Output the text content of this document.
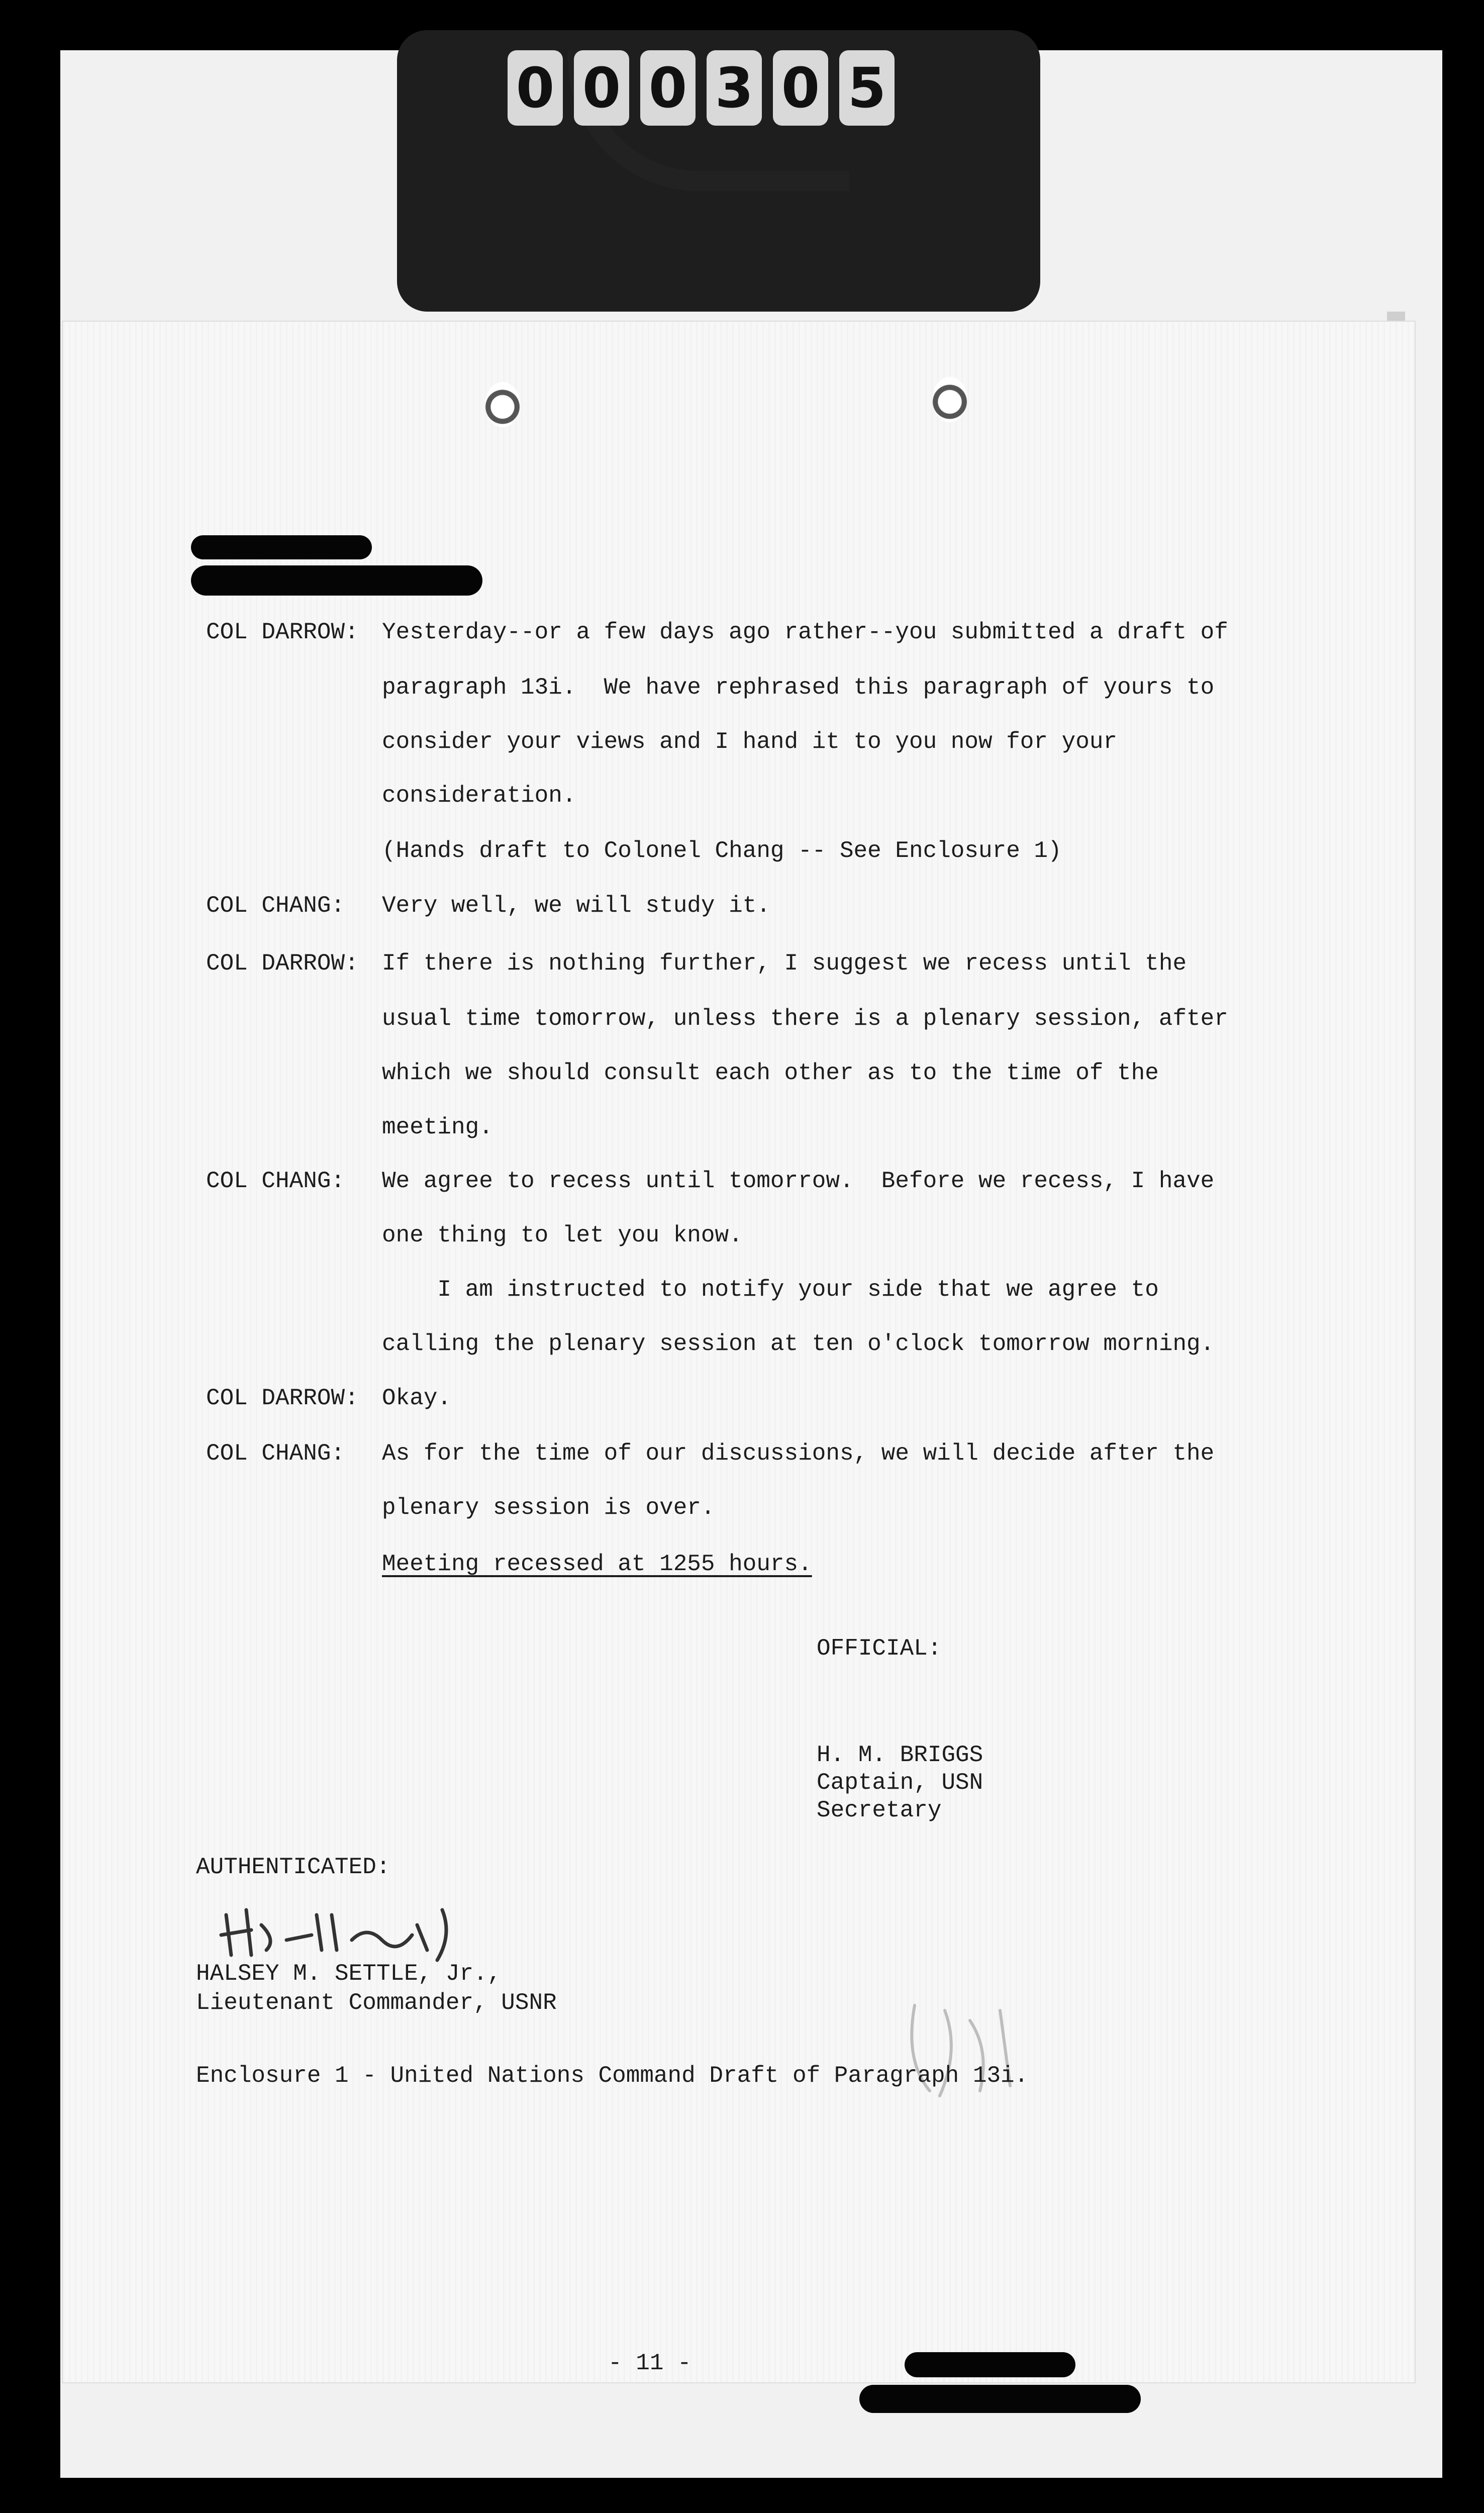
0 0 0 3 0 5
COL DARROW: Yesterday--or a few days ago rather--you submitted a draft of
paragraph 13i.  We have rephrased this paragraph of yours to
consider your views and I hand it to you now for your
consideration.
(Hands draft to Colonel Chang -- See Enclosure 1)
COL CHANG: Very well, we will study it.
COL DARROW: If there is nothing further, I suggest we recess until the
usual time tomorrow, unless there is a plenary session, after
which we should consult each other as to the time of the
meeting.
COL CHANG: We agree to recess until tomorrow.  Before we recess, I have
one thing to let you know.
I am instructed to notify your side that we agree to
calling the plenary session at ten o'clock tomorrow morning.
COL DARROW: Okay.
COL CHANG: As for the time of our discussions, we will decide after the
plenary session is over.
Meeting recessed at 1255 hours.
OFFICIAL:
H. M. BRIGGS
Captain, USN
Secretary
AUTHENTICATED:
HALSEY M. SETTLE, Jr.,
Lieutenant Commander, USNR
Enclosure 1 - United Nations Command Draft of Paragraph 13i.
- 11 -
